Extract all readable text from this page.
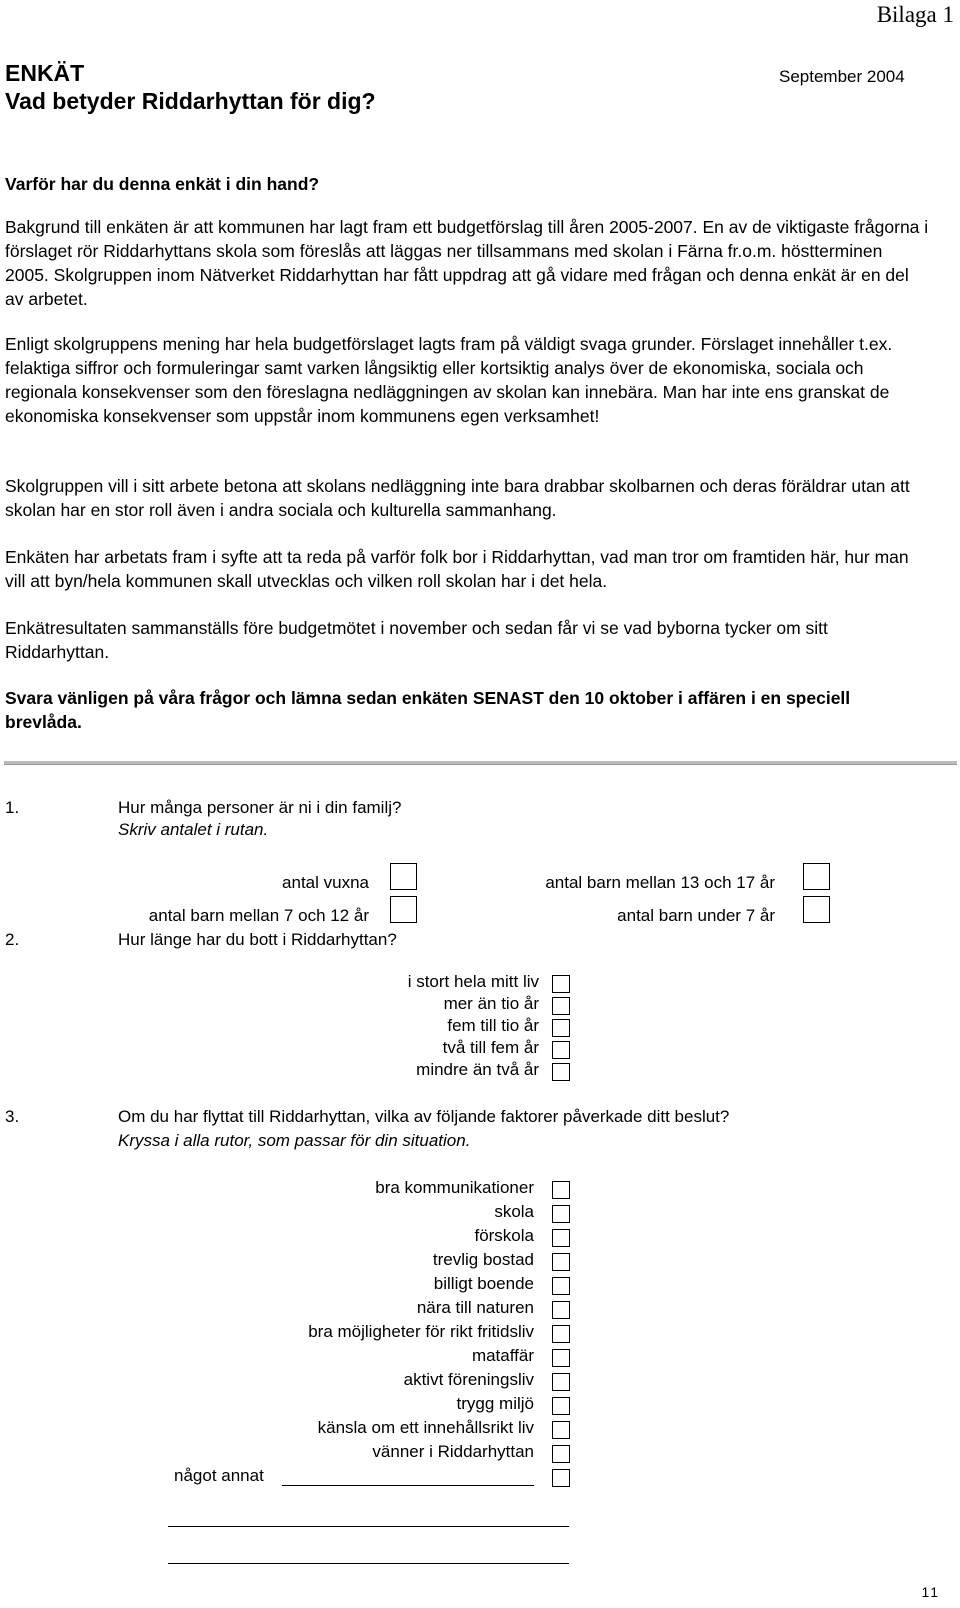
Bilaga 1
ENKÄT
Vad betyder Riddarhyttan för dig?
September 2004
Varför har du denna enkät i din hand?

Bakgrund till enkäten är att kommunen har lagt fram ett budgetförslag till åren 2005-2007. En av de viktigaste frågorna i förslaget rör Riddarhyttans skola som föreslås att läggas ner tillsammans med skolan i Färna fr.o.m. höstterminen 2005. Skolgruppen inom Nätverket Riddarhyttan har fått uppdrag att gå vidare med frågan och denna enkät är en del av arbetet.

Enligt skolgruppens mening har hela budgetförslaget lagts fram på väldigt svaga grunder. Förslaget innehåller t.ex. felaktiga siffror och formuleringar samt varken långsiktig eller kortsiktig analys över de ekonomiska, sociala och regionala konsekvenser som den föreslagna nedläggningen av skolan kan innebära. Man har inte ens granskat de ekonomiska konsekvenser som uppstår inom kommunens egen verksamhet!

Skolgruppen vill i sitt arbete betona att skolans nedläggning inte bara drabbar skolbarnen och deras föräldrar utan att skolan har en stor roll även i andra sociala och kulturella sammanhang.

Enkäten har arbetats fram i syfte att ta reda på varför folk bor i Riddarhyttan, vad man tror om framtiden här, hur man vill att byn/hela kommunen skall utvecklas och vilken roll skolan har i det hela.

Enkätresultaten sammanställs före budgetmötet i november och sedan får vi se vad byborna tycker om sitt Riddarhyttan.

Svara vänligen på våra frågor och lämna sedan enkäten SENAST den 10 oktober i affären i en speciell brevlåda.

1.	Hur många personer är ni i din familj?
Skriv antalet i rutan.
antal vuxna	antal barn mellan 13 och 17 år
antal barn mellan 7 och 12 år	antal barn under 7 år
2.	Hur länge har du bott i Riddarhyttan?
i stort hela mitt liv
mer än tio år
fem till tio år
två till fem år
mindre än två år
3.	Om du har flyttat till Riddarhyttan, vilka av följande faktorer påverkade ditt beslut?
Kryssa i alla rutor, som passar för din situation.
bra kommunikationer
skola
förskola
trevlig bostad
billigt boende
nära till naturen
bra möjligheter för rikt fritidsliv
mataffär
aktivt föreningsliv
trygg miljö
känsla om ett innehållsrikt liv
vänner i Riddarhyttan
något annat
11
